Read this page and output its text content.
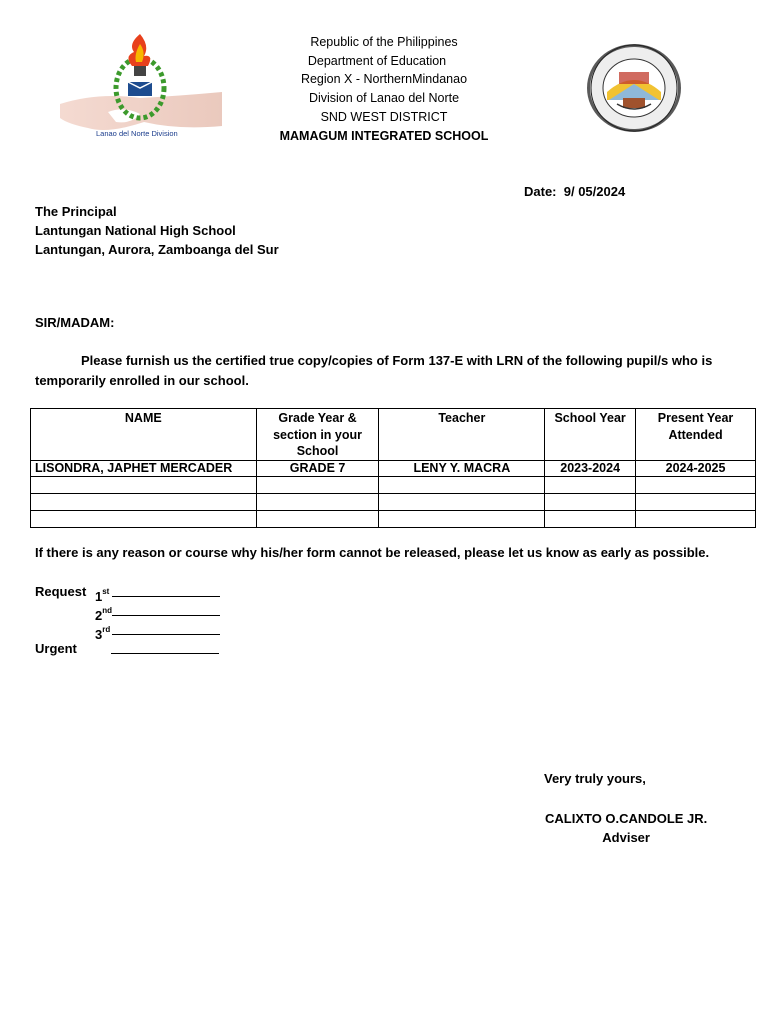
Lanao del Norte Division
Republic of the Philippines
Department of Education
Region X - NorthernMindanao
Division of Lanao del Norte
SND WEST DISTRICT
MAMAGUM INTEGRATED SCHOOL
Date: 9/ 05/2024
The Principal
Lantungan National High School
Lantungan, Aurora, Zamboanga del Sur
SIR/MADAM:
Please furnish us the certified true copy/copies of Form 137-E with LRN of the following pupil/s who is
temporarily enrolled in our school.
NAME	Grade Year & section in your School	Teacher	School Year	Present Year Attended
LISONDRA, JAPHET MERCADER	GRADE 7	LENY Y. MACRA	2023-2024	2024-2025

If there is any reason or course why his/her form cannot be released, please let us know as early as possible.
Request 1st
2nd
3rd
Urgent
Very truly yours,
CALIXTO O.CANDOLE JR.
Adviser
